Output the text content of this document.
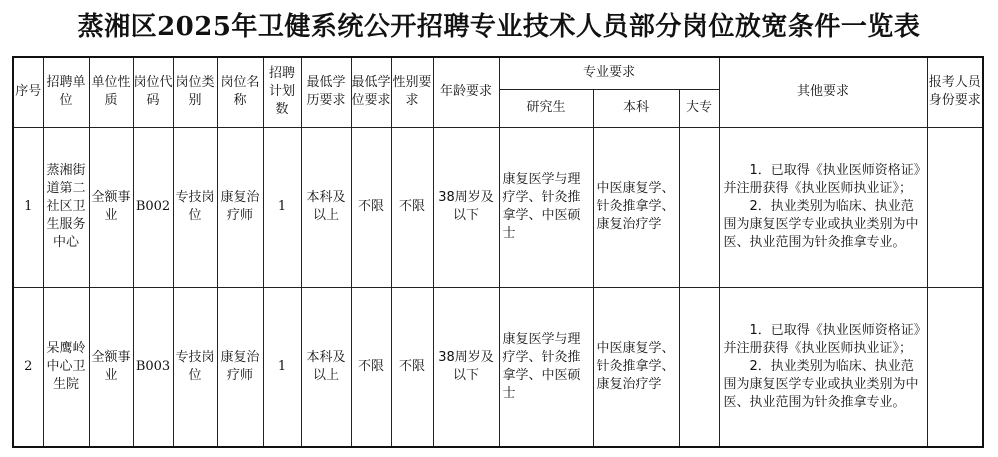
蒸湘区2025年卫健系统公开招聘专业技术人员部分岗位放宽条件一览表
序号	招聘单位	单位性质	岗位代码	岗位类别	岗位名称	招聘计划数	最低学历要求	最低学位要求	性别要求	年龄要求	专业要求			其他要求	报考人员身份要求
											研究生	本科	大专		
1	蒸湘街道第二社区卫生服务中心	全额事业	B002	专技岗位	康复治疗师	1	本科及以上	不限	不限	38周岁及以下	康复医学与理疗学、针灸推拿学、中医硕士	中医康复学、针灸推拿学、康复治疗学		1．已取得《执业医师资格证》并注册获得《执业医师执业证》；
2．执业类别为临床、执业范围为康复医学专业或执业类别为中医、执业范围为针灸推拿专业。	

2	呆鹰岭中心卫生院	全额事业	B003	专技岗位	康复治疗师	1	本科及以上	不限	不限	38周岁及以下	康复医学与理疗学、针灸推拿学、中医硕士	中医康复学、针灸推拿学、康复治疗学		1．已取得《执业医师资格证》并注册获得《执业医师执业证》；
2．执业类别为临床、执业范围为康复医学专业或执业类别为中医、执业范围为针灸推拿专业。	
